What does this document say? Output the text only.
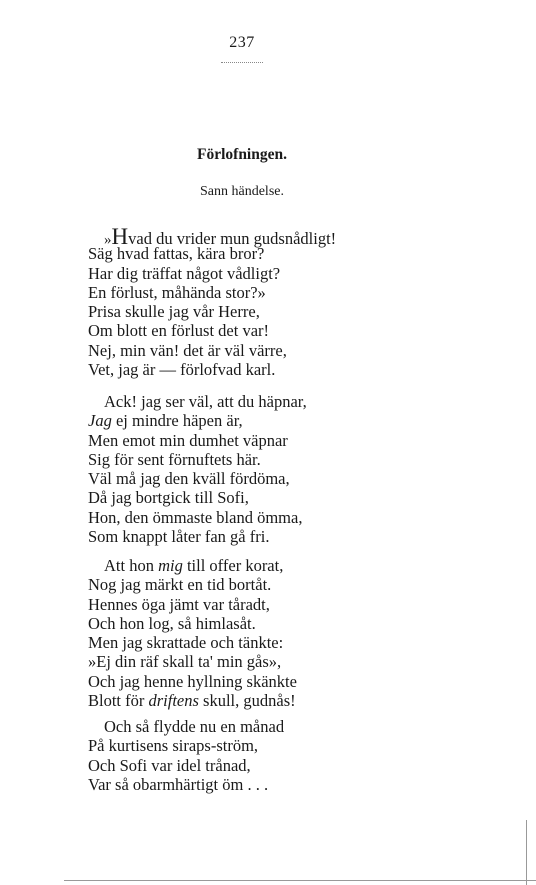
237
Förlofningen.
Sann händelse.
»Hvad du vrider mun gudsnådligt!
Säg hvad fattas, kära bror?
Har dig träffat något vådligt?
En förlust, måhända stor?»
Prisa skulle jag vår Herre,
Om blott en förlust det var!
Nej, min vän! det är väl värre,
Vet, jag är — förlofvad karl.
Ack! jag ser väl, att du häpnar,
Jag ej mindre häpen är,
Men emot min dumhet väpnar
Sig för sent förnuftets här.
Väl må jag den kväll fördöma,
Då jag bortgick till Sofi,
Hon, den ömmaste bland ömma,
Som knappt låter fan gå fri.
Att hon mig till offer korat,
Nog jag märkt en tid bortåt.
Hennes öga jämt var tåradt,
Och hon log, så himlasåt.
Men jag skrattade och tänkte:
»Ej din räf skall ta' min gås»,
Och jag henne hyllning skänkte
Blott för driftens skull, gudnås!
Och så flydde nu en månad
På kurtisens siraps-ström,
Och Sofi var idel trånad,
Var så obarmhärtigt öm . . .
